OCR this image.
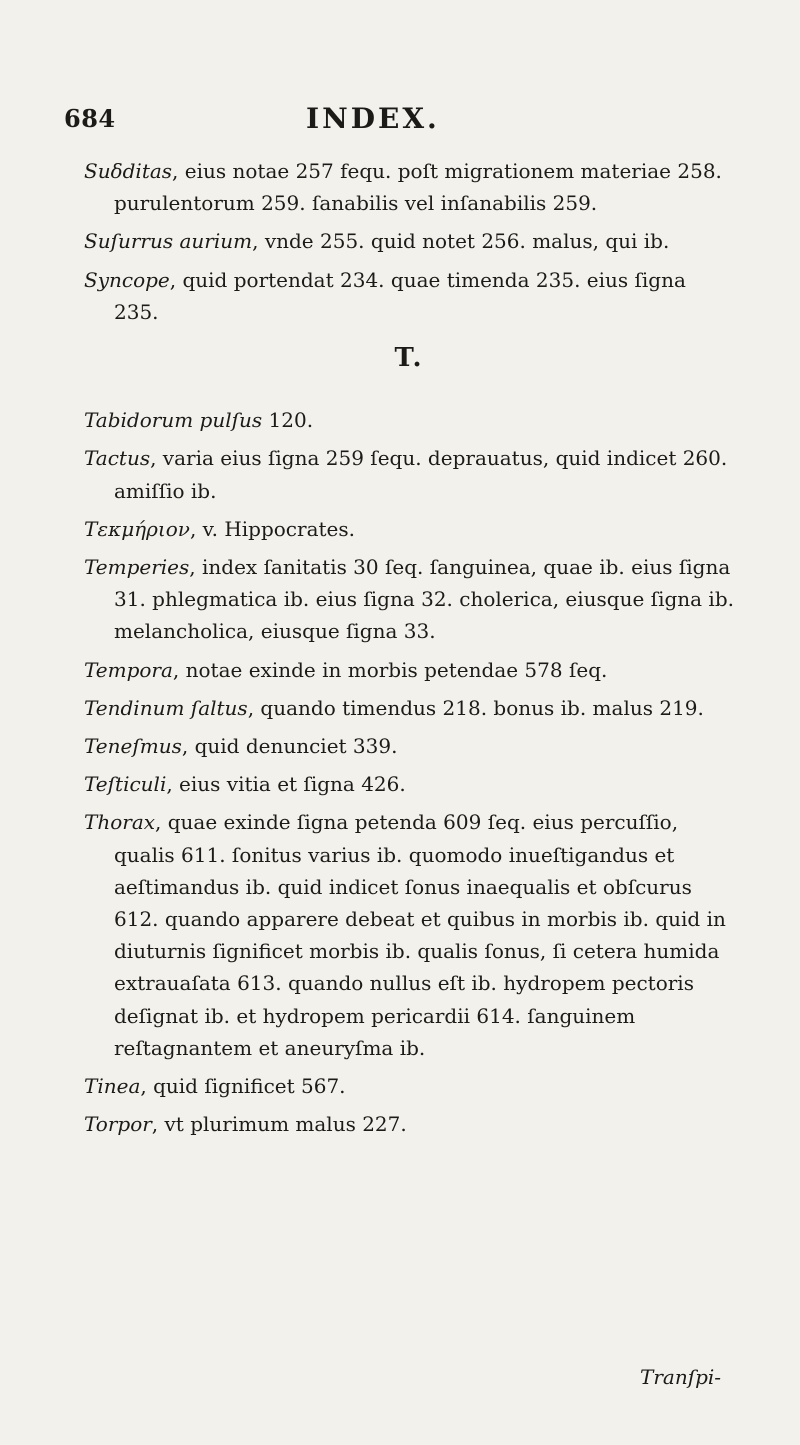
684	INDEX.

Suẟditas, eius notae 257 fequ. poſt migrationem materiae 258. purulentorum 259. ſanabilis vel inſanabilis 259.

Suſurrus aurium, vnde 255. quid notet 256. malus, qui ib.

Syncope, quid portendat 234. quae timenda 235. eius ſigna 235.

T.

Tabidorum pulſus 120.

Tactus, varia eius ſigna 259 ſequ. deprauatus, quid indicet 260. amiſſio ib.

Τεκμήριον, v. Hippocrates.

Temperies, index ſanitatis 30 ſeq. ſanguinea, quae ib. eius ſigna 31. phlegmatica ib. eius ſigna 32. cholerica, eiusque ſigna ib. melancholica, eiusque ſigna 33.

Tempora, notae exinde in morbis petendae 578 ſeq.

Tendinum ſaltus, quando timendus 218. bonus ib. malus 219.

Teneſmus, quid denunciet 339.

Teſticuli, eius vitia et ſigna 426.

Thorax, quae exinde ſigna petenda 609 ſeq. eius percuſſio, qualis 611. ſonitus varius ib. quomodo inueſtigandus et aeſtimandus ib. quid indicet ſonus inaequalis et obſcurus 612. quando apparere debeat et quibus in morbis ib. quid in diuturnis ſignificet morbis ib. qualis ſonus, ſi cetera humida extrauaſata 613. quando nullus eſt ib. hydropem pectoris deſignat ib. et hydropem pericardii 614. ſanguinem reſtagnantem et aneuryſma ib.

Tinea, quid ſignificet 567.

Torpor, vt plurimum malus 227.

Tranſpi-
